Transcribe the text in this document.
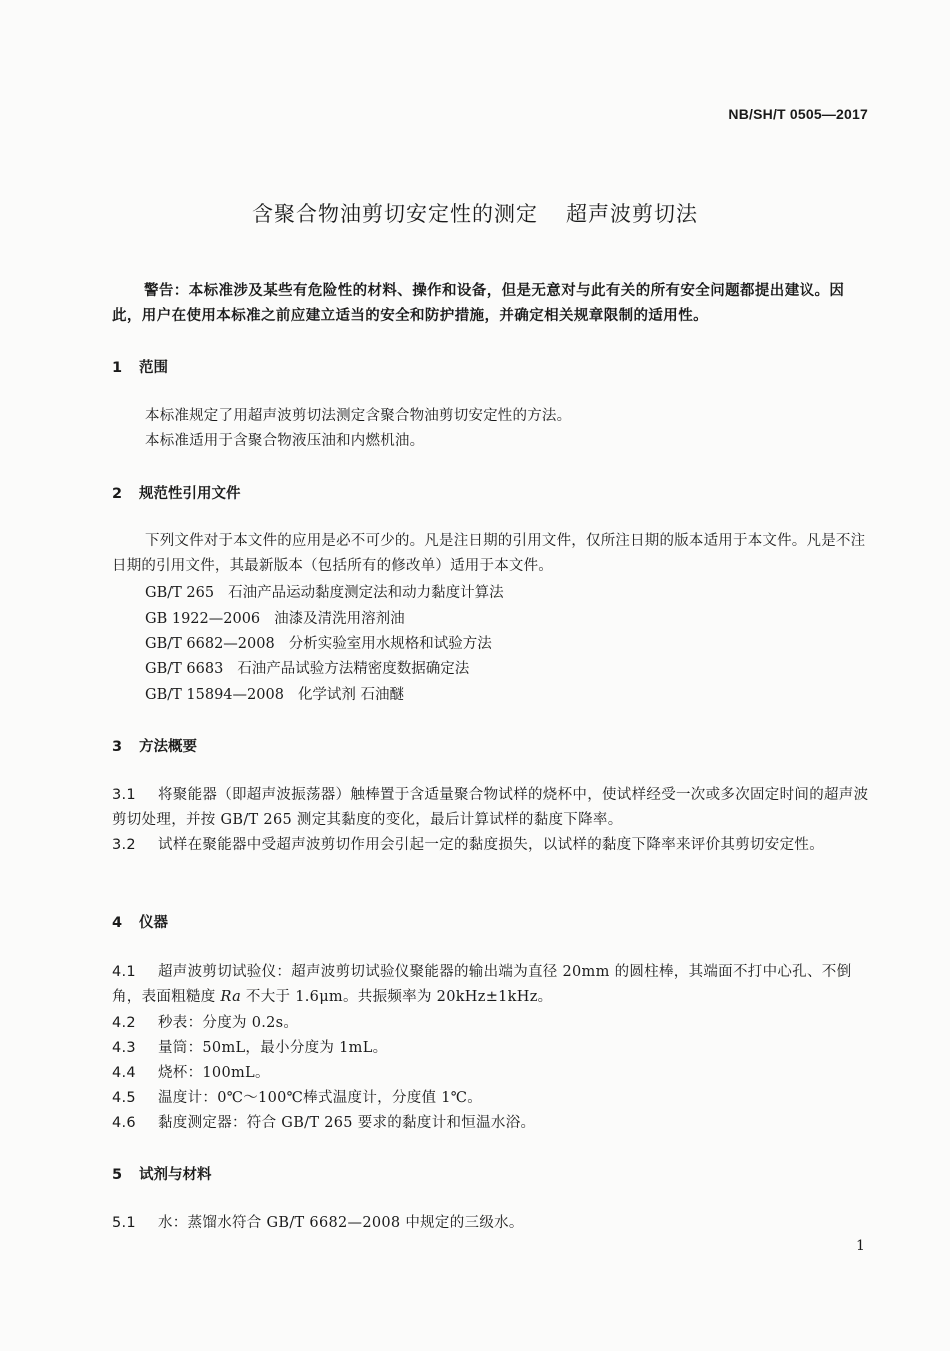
NB/SH/T 0505—2017
含聚合物油剪切安定性的测定 超声波剪切法
警告：本标准涉及某些有危险性的材料、操作和设备，但是无意对与此有关的所有安全问题都提出建议。因此，用户在使用本标准之前应建立适当的安全和防护措施，并确定相关规章限制的适用性。
1 范围
本标准规定了用超声波剪切法测定含聚合物油剪切安定性的方法。
本标准适用于含聚合物液压油和内燃机油。
2 规范性引用文件
下列文件对于本文件的应用是必不可少的。凡是注日期的引用文件，仅所注日期的版本适用于本文件。凡是不注日期的引用文件，其最新版本（包括所有的修改单）适用于本文件。
GB/T 265 石油产品运动黏度测定法和动力黏度计算法
GB 1922—2006 油漆及清洗用溶剂油
GB/T 6682—2008 分析实验室用水规格和试验方法
GB/T 6683 石油产品试验方法精密度数据确定法
GB/T 15894—2008 化学试剂 石油醚
3 方法概要
3.1 将聚能器（即超声波振荡器）触棒置于含适量聚合物试样的烧杯中，使试样经受一次或多次固定时间的超声波剪切处理，并按 GB/T 265 测定其黏度的变化，最后计算试样的黏度下降率。
3.2 试样在聚能器中受超声波剪切作用会引起一定的黏度损失，以试样的黏度下降率来评价其剪切安定性。
4 仪器
4.1 超声波剪切试验仪：超声波剪切试验仪聚能器的输出端为直径 20mm 的圆柱棒，其端面不打中心孔、不倒角，表面粗糙度 Ra 不大于 1.6μm。共振频率为 20kHz±1kHz。
4.2 秒表：分度为 0.2s。
4.3 量筒：50mL，最小分度为 1mL。
4.4 烧杯：100mL。
4.5 温度计：0℃～100℃棒式温度计，分度值 1℃。
4.6 黏度测定器：符合 GB/T 265 要求的黏度计和恒温水浴。
5 试剂与材料
5.1 水：蒸馏水符合 GB/T 6682—2008 中规定的三级水。
1
